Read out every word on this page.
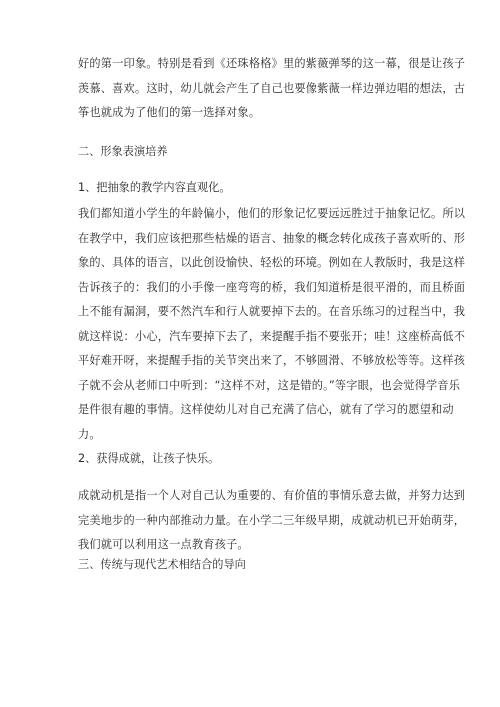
好的第一印象。特别是看到《还珠格格》里的紫薇弹琴的这一幕，很是让孩子
羡慕、喜欢。这时，幼儿就会产生了自己也要像紫薇一样边弹边唱的想法，古
筝也就成为了他们的第一选择对象。
二、形象表演培养
1、把抽象的教学内容直观化。
我们都知道小学生的年龄偏小，他们的形象记忆要远远胜过于抽象记忆。所以
在教学中，我们应该把那些枯燥的语言、抽象的概念转化成孩子喜欢听的、形
象的、具体的语言，以此创设愉快、轻松的环境。例如在人教版时，我是这样
告诉孩子的：我们的小手像一座弯弯的桥，我们知道桥是很平滑的，而且桥面
上不能有漏洞，要不然汽车和行人就要掉下去的。在音乐练习的过程当中，我
就这样说：小心，汽车要掉下去了，来提醒手指不要张开；哇！这座桥高低不
平好难开呀，来提醒手指的关节突出来了，不够圆滑、不够放松等等。这样孩
子就不会从老师口中听到：“这样不对，这是错的。”等字眼，也会觉得学音乐
是件很有趣的事情。这样使幼儿对自己充满了信心，就有了学习的愿望和动
力。
2、获得成就，让孩子快乐。
成就动机是指一个人对自己认为重要的、有价值的事情乐意去做，并努力达到
完美地步的一种内部推动力量。在小学二三年级早期，成就动机已开始萌芽，
我们就可以利用这一点教育孩子。
三、传统与现代艺术相结合的导向
